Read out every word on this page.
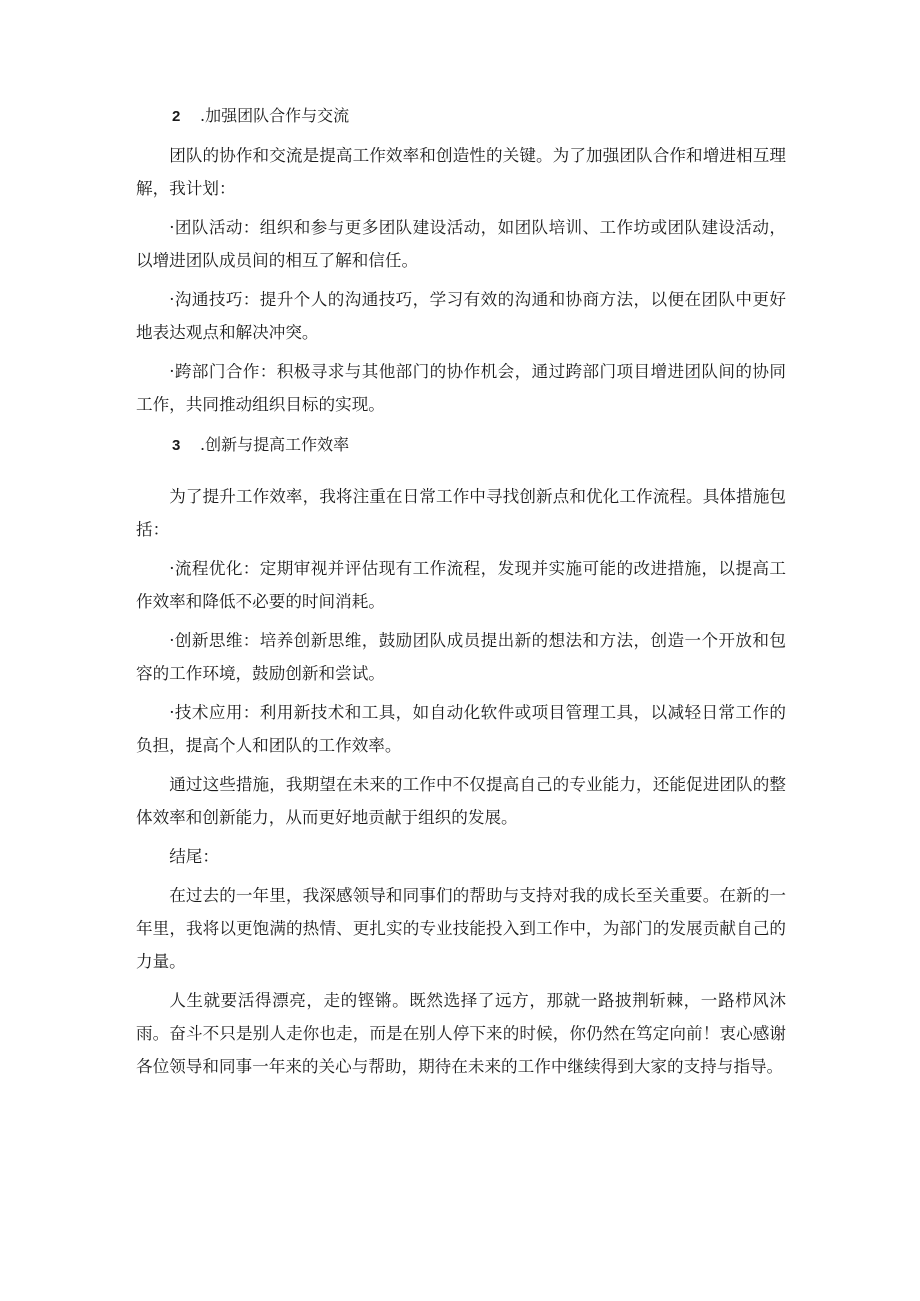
2	.加强团队合作与交流

团队的协作和交流是提高工作效率和创造性的关键。为了加强团队合作和增进相互理解，我计划：

·团队活动：组织和参与更多团队建设活动，如团队培训、工作坊或团队建设活动，以增进团队成员间的相互了解和信任。

·沟通技巧：提升个人的沟通技巧，学习有效的沟通和协商方法，以便在团队中更好地表达观点和解决冲突。

·跨部门合作：积极寻求与其他部门的协作机会，通过跨部门项目增进团队间的协同工作，共同推动组织目标的实现。

3	.创新与提高工作效率

为了提升工作效率，我将注重在日常工作中寻找创新点和优化工作流程。具体措施包括：

·流程优化：定期审视并评估现有工作流程，发现并实施可能的改进措施，以提高工作效率和降低不必要的时间消耗。

·创新思维：培养创新思维，鼓励团队成员提出新的想法和方法，创造一个开放和包容的工作环境，鼓励创新和尝试。

·技术应用：利用新技术和工具，如自动化软件或项目管理工具，以减轻日常工作的负担，提高个人和团队的工作效率。

通过这些措施，我期望在未来的工作中不仅提高自己的专业能力，还能促进团队的整体效率和创新能力，从而更好地贡献于组织的发展。

结尾：

在过去的一年里，我深感领导和同事们的帮助与支持对我的成长至关重要。在新的一年里，我将以更饱满的热情、更扎实的专业技能投入到工作中，为部门的发展贡献自己的力量。

人生就要活得漂亮，走的铿锵。既然选择了远方，那就一路披荆斩棘，一路栉风沐雨。奋斗不只是别人走你也走，而是在别人停下来的时候，你仍然在笃定向前！衷心感谢各位领导和同事一年来的关心与帮助，期待在未来的工作中继续得到大家的支持与指导。
